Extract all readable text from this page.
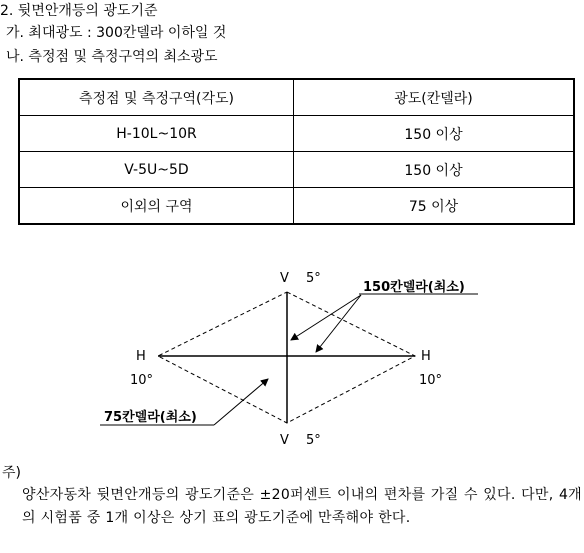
2. 뒷면안개등의 광도기준
가. 최대광도 : 300칸델라 이하일 것
나. 측정점 및 측정구역의 최소광도
측정점 및 측정구역(각도)	광도(칸델라)
H-10L~10R	150 이상
V-5U~5D	150 이상
이외의 구역	75 이상
V 5°
V 5°
H
10°
H
10°
150칸델라(최소)
75칸델라(최소)
주)
양산자동차 뒷면안개등의 광도기준은 ±20퍼센트 이내의 편차를 가질 수 있다. 다만, 4개의 시험품 중 1개 이상은 상기 표의 광도기준에 만족해야 한다.
